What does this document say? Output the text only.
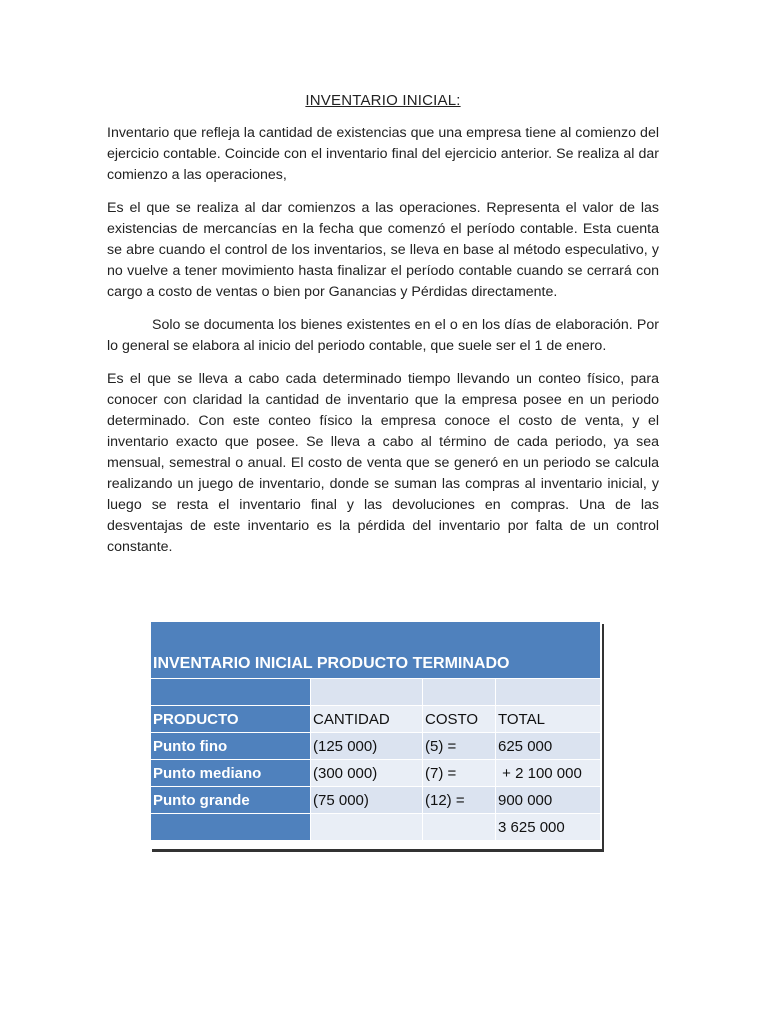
INVENTARIO INICIAL:

Inventario que refleja la cantidad de existencias que una empresa tiene al comienzo del ejercicio contable. Coincide con el inventario final del ejercicio anterior. Se realiza al dar comienzo a las operaciones,

Es el que se realiza al dar comienzos a las operaciones. Representa el valor de las existencias de mercancías en la fecha que comenzó el período contable. Esta cuenta se abre cuando el control de los inventarios, se lleva en base al método especulativo, y no vuelve a tener movimiento hasta finalizar el período contable cuando se cerrará con cargo a costo de ventas o bien por Ganancias y Pérdidas directamente.

Solo se documenta los bienes existentes en el o en los días de elaboración. Por lo general se elabora al inicio del periodo contable, que suele ser el 1 de enero.

Es el que se lleva a cabo cada determinado tiempo llevando un conteo físico, para conocer con claridad la cantidad de inventario que la empresa posee en un periodo determinado. Con este conteo físico la empresa conoce el costo de venta, y el inventario exacto que posee. Se lleva a cabo al término de cada periodo, ya sea mensual, semestral o anual. El costo de venta que se generó en un periodo se calcula realizando un juego de inventario, donde se suman las compras al inventario inicial, y luego se resta el inventario final y las devoluciones en compras. Una de las desventajas de este inventario es la pérdida del inventario por falta de un control constante.

INVENTARIO INICIAL PRODUCTO TERMINADO			

PRODUCTO	CANTIDAD	COSTO	TOTAL
Punto fino	(125 000)	(5) =	625 000
Punto mediano	(300 000)	(7) =	+ 2 100 000
Punto grande	(75 000)	(12) =	900 000
			3 625 000
